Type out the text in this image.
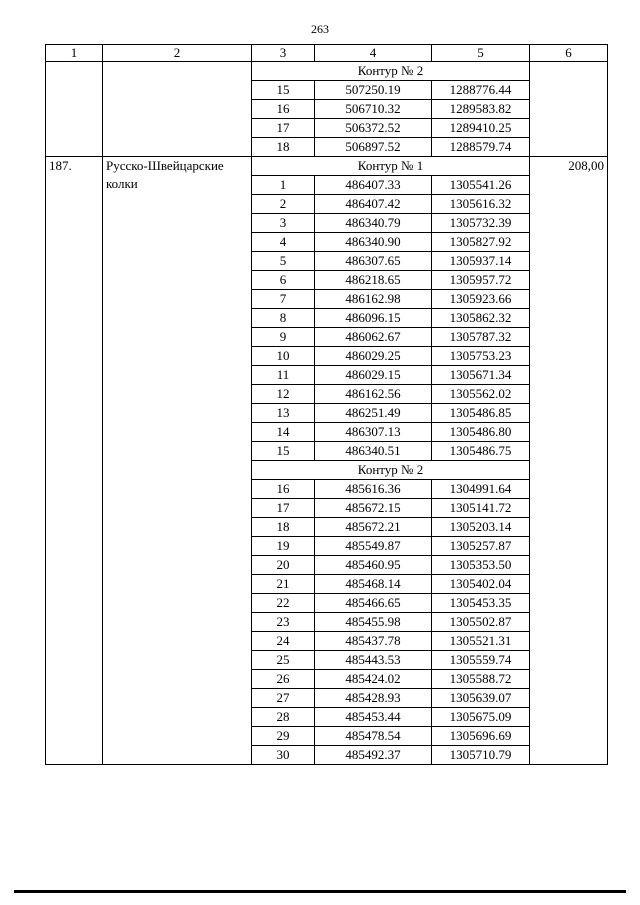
263
1	2	3	4	5	6
		Контур № 2			
		15	507250.19	1288776.44	
		16	506710.32	1289583.82	
		17	506372.52	1289410.25	
		18	506897.52	1288579.74	
187.	Русско-Швейцарские колки	Контур № 1			208,00
		1	486407.33	1305541.26	
		2	486407.42	1305616.32	
		3	486340.79	1305732.39	
		4	486340.90	1305827.92	
		5	486307.65	1305937.14	
		6	486218.65	1305957.72	
		7	486162.98	1305923.66	
		8	486096.15	1305862.32	
		9	486062.67	1305787.32	
		10	486029.25	1305753.23	
		11	486029.15	1305671.34	
		12	486162.56	1305562.02	
		13	486251.49	1305486.85	
		14	486307.13	1305486.80	
		15	486340.51	1305486.75	
		Контур № 2			
		16	485616.36	1304991.64	
		17	485672.15	1305141.72	
		18	485672.21	1305203.14	
		19	485549.87	1305257.87	
		20	485460.95	1305353.50	
		21	485468.14	1305402.04	
		22	485466.65	1305453.35	
		23	485455.98	1305502.87	
		24	485437.78	1305521.31	
		25	485443.53	1305559.74	
		26	485424.02	1305588.72	
		27	485428.93	1305639.07	
		28	485453.44	1305675.09	
		29	485478.54	1305696.69	
		30	485492.37	1305710.79	
